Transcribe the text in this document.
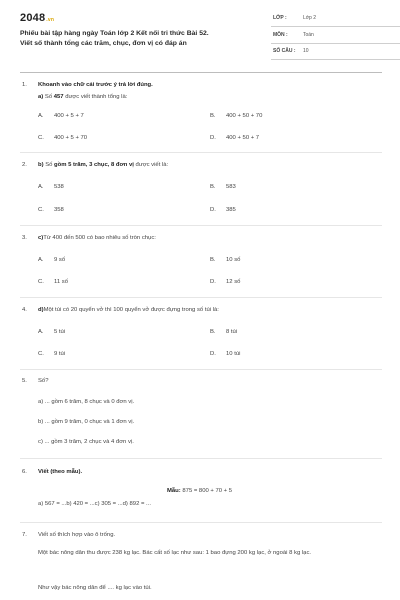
2048.vn
Phiếu bài tập hàng ngày Toán lớp 2 Kết nối tri thức Bài 52.
Viết số thành tổng các trăm, chục, đơn vị có đáp án
LỚP :	Lớp 2
MÔN :	Toán
SỐ CÂU : 10
1. Khoanh vào chữ cái trước ý trả lời đúng.
a) Số 457 được viết thành tổng là:
A. 400 + 5 + 7	B. 400 + 50 + 70
C. 400 + 5 + 70	D. 400 + 50 + 7
2. b) Số gồm 5 trăm, 3 chục, 8 đơn vị được viết là:
A. 538	B. 583
C. 358	D. 385
3. c)Từ 400 đến 500 có bao nhiêu số tròn chục:
A. 9 số	B. 10 số
C. 11 số	D. 12 số
4. d)Một túi có 20 quyển vở thì 100 quyển vở được đựng trong số túi là:
A. 5 túi	B. 8 túi
C. 9 túi	D. 10 túi
5. Số?
a) ... gồm 6 trăm, 8 chục và 0 đơn vị.
b) ... gồm 9 trăm, 0 chục và 1 đơn vị.
c) ... gồm 3 trăm, 2 chục và 4 đơn vị.
6. Viết (theo mẫu).
Mẫu: 875 = 800 + 70 + 5
a) 567 = ...b) 420 = ...c) 305 = ...d) 892 = ...
7. Viết số thích hợp vào ô trống.
Một bác nông dân thu được 238 kg lạc. Bác cất số lạc như sau: 1 bao đựng 200 kg lạc, ở ngoài 8 kg lạc.
Như vậy bác nông dân để .... kg lạc vào túi.
